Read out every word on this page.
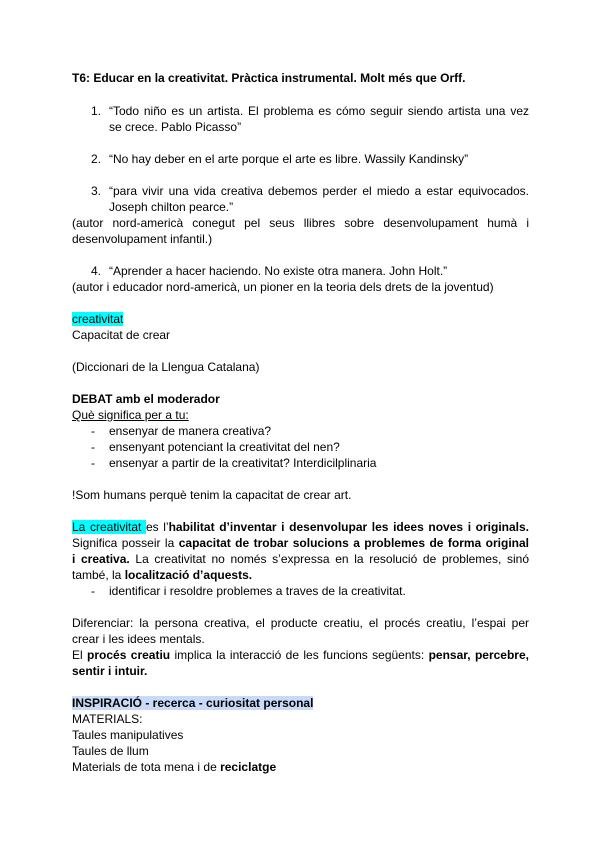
T6: Educar en la creativitat. Pràctica instrumental. Molt més que Orff.
1. “Todo niño es un artista. El problema es cómo seguir siendo artista una vez
se crece. Pablo Picasso”
2. “No hay deber en el arte porque el arte es libre. Wassily Kandinsky”
3. “para vivir una vida creativa debemos perder el miedo a estar equivocados.
Joseph chilton pearce.”
(autor nord-americà conegut pel seus llibres sobre desenvolupament humà i
desenvolupament infantil.)
4. “Aprender a hacer haciendo. No existe otra manera. John Holt.”
(autor i educador nord-americà, un pioner en la teoria dels drets de la joventud)
creativitat
Capacitat de crear
(Diccionari de la Llengua Catalana)
DEBAT amb el moderador
Què significa per a tu:
- ensenyar de manera creativa?
- ensenyant potenciant la creativitat del nen?
- ensenyar a partir de la creativitat? Interdicilplinaria
!Som humans perquè tenim la capacitat de crear art.
La creativitat es l’habilitat d’inventar i desenvolupar les idees noves i originals.
Significa posseir la capacitat de trobar solucions a problemes de forma original
i creativa. La creativitat no només s’expressa en la resolució de problemes, sinó
també, la localització d’aquests.
- identificar i resoldre problemes a traves de la creativitat.
Diferenciar: la persona creativa, el producte creatiu, el procés creatiu, l’espai per
crear i les idees mentals.
El procés creatiu implica la interacció de les funcions següents: pensar, percebre,
sentir i intuir.
INSPIRACIÓ - recerca - curiositat personal
MATERIALS:
Taules manipulatives
Taules de llum
Materials de tota mena i de reciclatge
